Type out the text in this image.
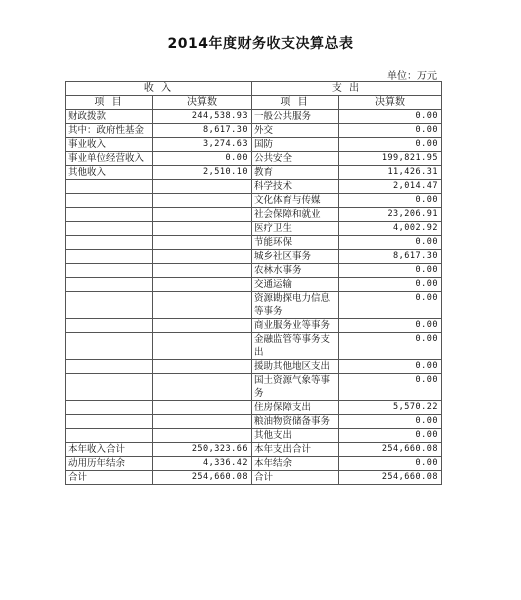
2014年度财务收支决算总表
单位：万元
收 入		支 出	
项 目	决算数	项 目	决算数
财政拨款	244,538.93	一般公共服务	0.00
其中：政府性基金	8,617.30	外交	0.00
事业收入	3,274.63	国防	0.00
事业单位经营收入	0.00	公共安全	199,821.95
其他收入	2,510.10	教育	11,426.31
		科学技术	2,014.47
		文化体育与传媒	0.00
		社会保障和就业	23,206.91
		医疗卫生	4,002.92
		节能环保	0.00
		城乡社区事务	8,617.30
		农林水事务	0.00
		交通运输	0.00
		资源勘探电力信息等事务	0.00
		商业服务业等事务	0.00
		金融监管等事务支出	0.00
		援助其他地区支出	0.00
		国土资源气象等事务	0.00
		住房保障支出	5,570.22
		粮油物资储备事务	0.00
		其他支出	0.00
本年收入合计	250,323.66	本年支出合计	254,660.08
动用历年结余	4,336.42	本年结余	0.00
合计	254,660.08	合计	254,660.08
